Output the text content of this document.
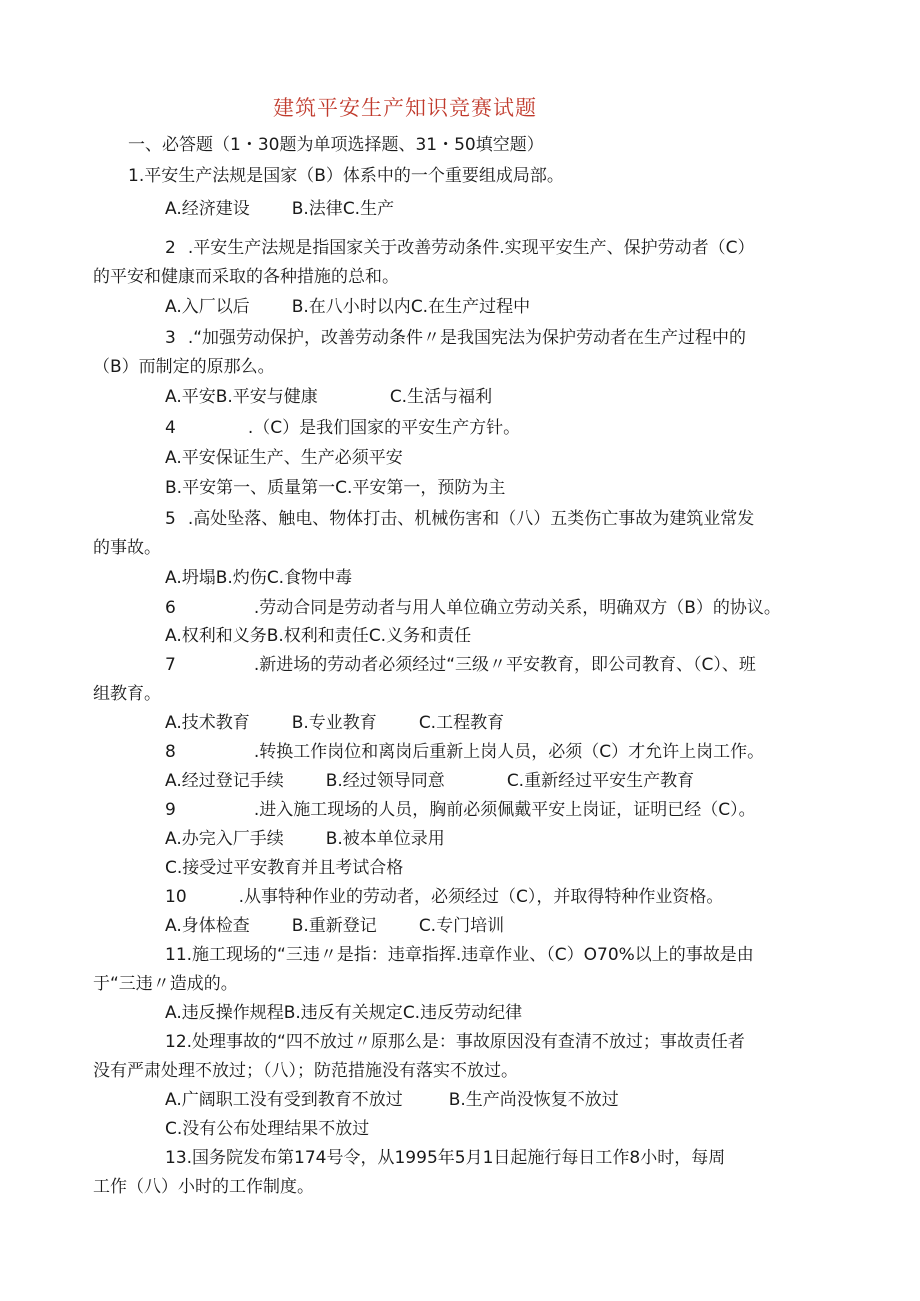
建筑平安生产知识竞赛试题
一、必答题（1・30题为单项选择题、31・50填空题）
1.平安生产法规是国家（B）体系中的一个重要组成局部。
A.经济建设 B.法律C.生产
2 .平安生产法规是指国家关于改善劳动条件.实现平安生产、保护劳动者（C）
的平安和健康而采取的各种措施的总和。
A.入厂以后 B.在八小时以内C.在生产过程中
3 .“加强劳动保护，改善劳动条件〃是我国宪法为保护劳动者在生产过程中的
（B）而制定的原那么。
A.平安B.平安与健康	C.生活与福利
4	.（C）是我们国家的平安生产方针。
A.平安保证生产、生产必须平安
B.平安第一、质量第一C.平安第一，预防为主
5 .高处坠落、触电、物体打击、机械伤害和（八）五类伤亡事故为建筑业常发
的事故。
A.坍塌B.灼伤C.食物中毒
6	.劳动合同是劳动者与用人单位确立劳动关系，明确双方（B）的协议。
A.权利和义务B.权利和责任C.义务和责任
7	.新进场的劳动者必须经过“三级〃平安教育，即公司教育、（C）、班
组教育。
A.技术教育 B.专业教育 C.工程教育
8	.转换工作岗位和离岗后重新上岗人员，必须（C）才允许上岗工作。
A.经过登记手续 B.经过领导同意	C.重新经过平安生产教育
9	.进入施工现场的人员，胸前必须佩戴平安上岗证，证明已经（C）。
A.办完入厂手续 B.被本单位录用
C.接受过平安教育并且考试合格
10	.从事特种作业的劳动者，必须经过（C），并取得特种作业资格。
A.身体检查 B.重新登记 C.专门培训
11.施工现场的“三违〃是指：违章指挥.违章作业、（C）O70%以上的事故是由
于“三违〃造成的。
A.违反操作规程B.违反有关规定C.违反劳动纪律
12.处理事故的“四不放过〃原那么是：事故原因没有查清不放过；事故责任者
没有严肃处理不放过；（八）；防范措施没有落实不放过。
A.广阔职工没有受到教育不放过	B.生产尚没恢复不放过
C.没有公布处理结果不放过
13.国务院发布第174号令，从1995年5月1日起施行每日工作8小时，每周
工作（八）小时的工作制度。
